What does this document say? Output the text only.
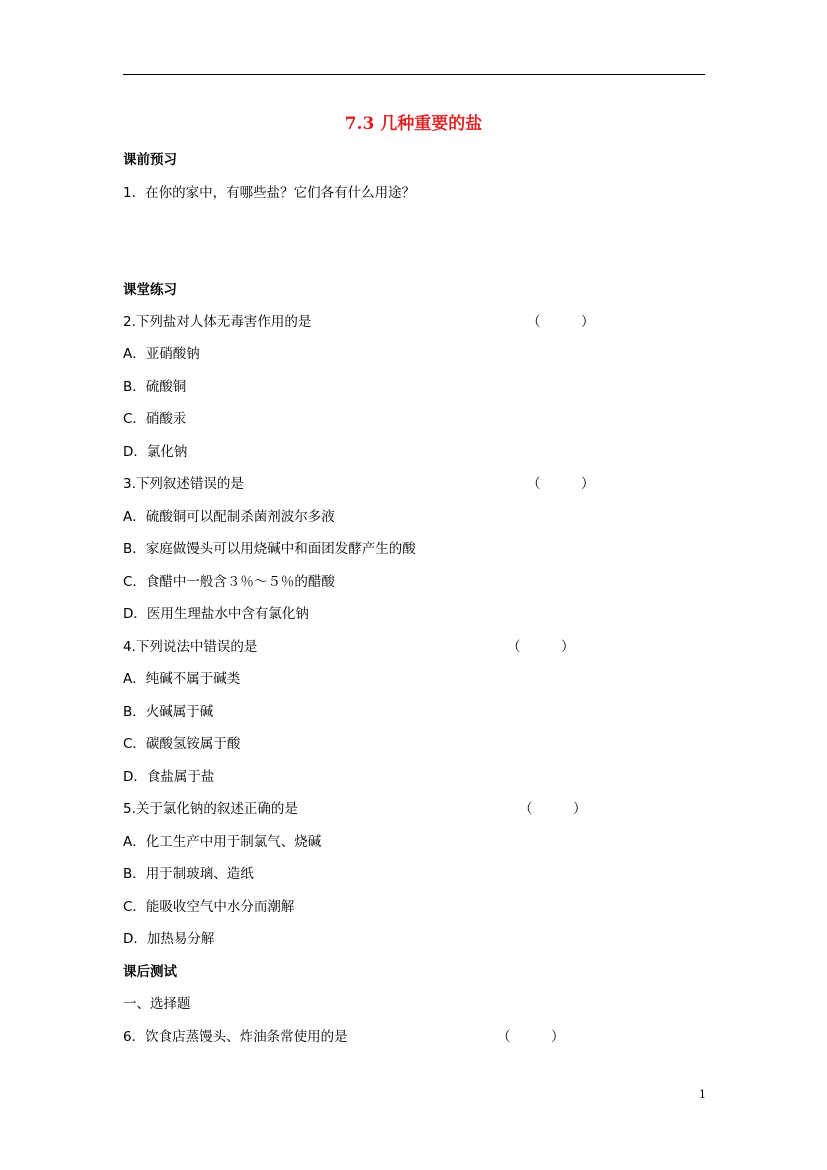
7.3 几种重要的盐
课前预习
1．在你的家中，有哪些盐？它们各有什么用途？
课堂练习
2.下列盐对人体无毒害作用的是	（　　　）
A．亚硝酸钠
B．硫酸铜
C．硝酸汞
D．氯化钠
3.下列叙述错误的是	（　　　）
A．硫酸铜可以配制杀菌剂波尔多液
B．家庭做馒头可以用烧碱中和面团发酵产生的酸
C．食醋中一般含３％～５％的醋酸
D．医用生理盐水中含有氯化钠
4.下列说法中错误的是	（　　　）
A．纯碱不属于碱类
B．火碱属于碱
C．碳酸氢铵属于酸
D．食盐属于盐
5.关于氯化钠的叙述正确的是	（　　　）
A．化工生产中用于制氯气、烧碱
B．用于制玻璃、造纸
C．能吸收空气中水分而潮解
D．加热易分解
课后测试
一、选择题
6．饮食店蒸馒头、炸油条常使用的是	（　　　）
1
